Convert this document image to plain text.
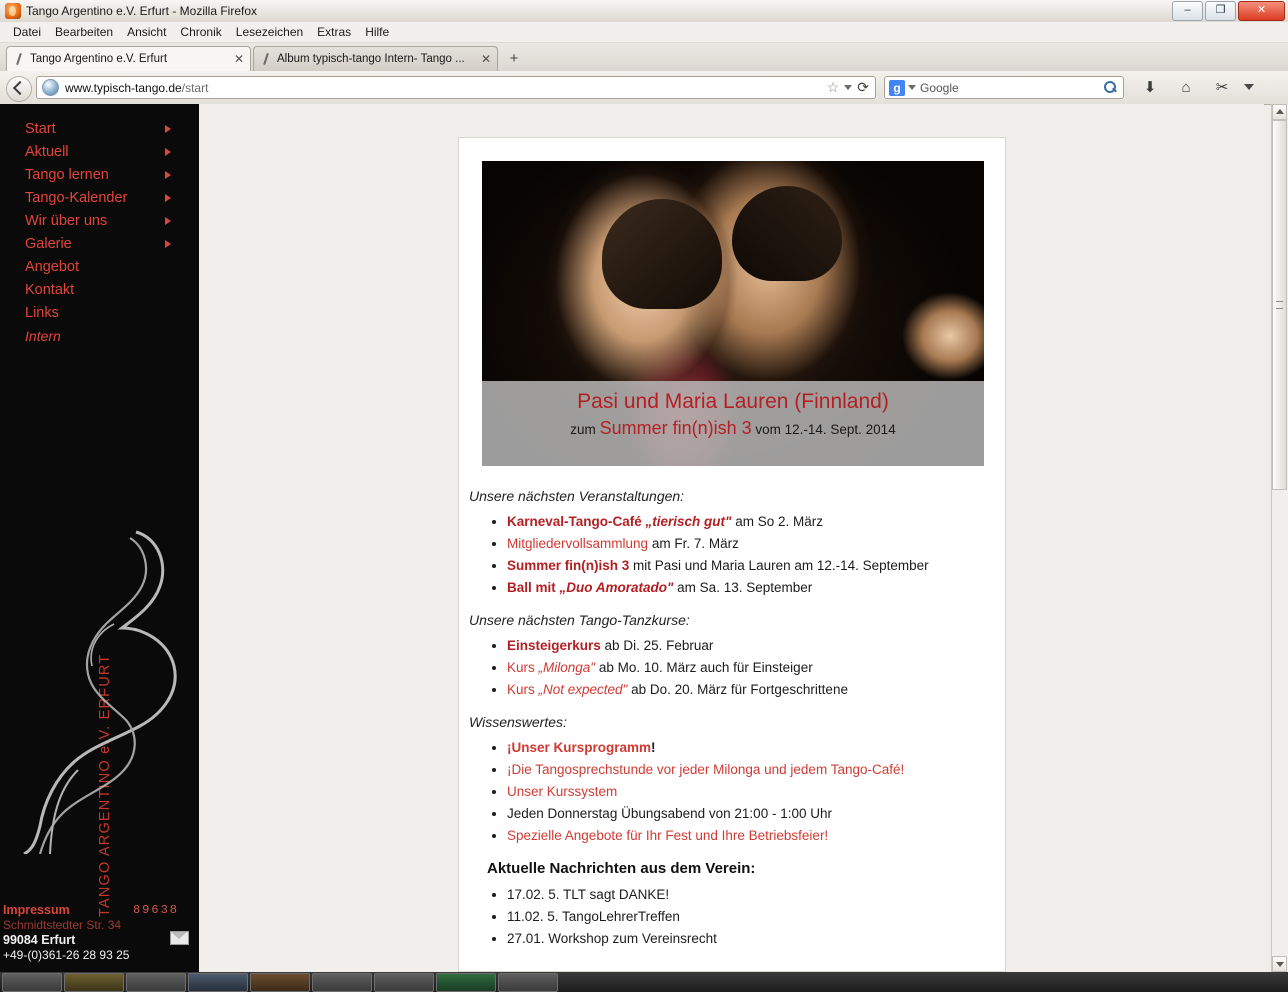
Tango Argentino e.V. Erfurt - Mozilla Firefox	–	❐	✕
Datei	Bearbeiten	Ansicht	Chronik	Lesezeichen	Extras	Hilfe
Tango Argentino e.V. Erfurt	✕	Album typisch-tango Intern- Tango ...	✕	+
www.typisch-tango.de/start	☆ ⟳	g	Google	⬇	⌂	✂
Start
Aktuell
Tango lernen
Tango-Kalender
Wir über uns
Galerie
Angebot
Kontakt
Links
Intern
TANGO ARGENTINO e.V. ERFURT
Impressum	89638
Schmidtstedter Str. 34
99084 Erfurt
+49-(0)361-26 28 93 25
Pasi und Maria Lauren (Finnland)
zum Summer fin(n)ish 3 vom 12.-14. Sept. 2014

Unsere nächsten Veranstaltungen:

• Karneval-Tango-Café „tierisch gut" am So 2. März
• Mitgliedervollsammlung am Fr. 7. März
• Summer fin(n)ish 3 mit Pasi und Maria Lauren am 12.-14. September
• Ball mit „Duo Amoratado" am Sa. 13. September

Unsere nächsten Tango-Tanzkurse:

• Einsteigerkurs ab Di. 25. Februar
• Kurs „Milonga" ab Mo. 10. März auch für Einsteiger
• Kurs „Not expected" ab Do. 20. März für Fortgeschrittene

Wissenswertes:

• ¡Unser Kursprogramm!
• ¡Die Tangosprechstunde vor jeder Milonga und jedem Tango-Café!
• Unser Kurssystem
• Jeden Donnerstag Übungsabend von 21:00 - 1:00 Uhr
• Spezielle Angebote für Ihr Fest und Ihre Betriebsfeier!
Aktuelle Nachrichten aus dem Verein:
• 17.02. 5. TLT sagt DANKE!
• 11.02. 5. TangoLehrerTreffen
• 27.01. Workshop zum Vereinsrecht
